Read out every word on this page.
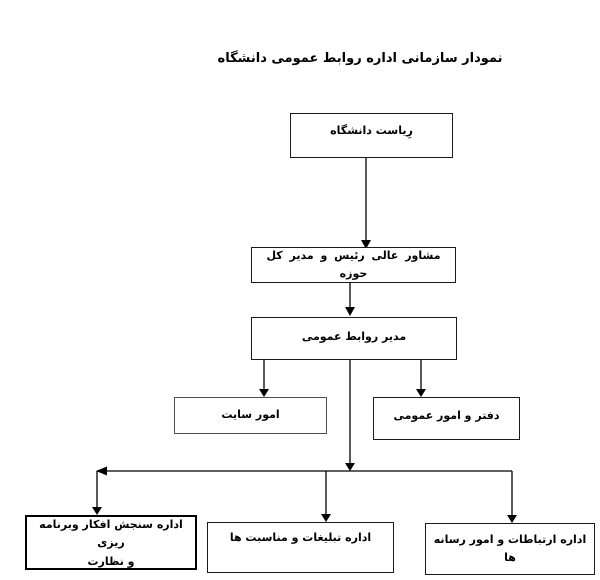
نمودار سازمانی اداره روابط عمومی دانشگاه
رِیاست دانشگاه
مشاور عالی رئیس و مدیر کل حوزه
مدیر روابط عمومی
امور سایت	دفتر و امور عمومی
اداره سنجش افکار وبرنامه ریزی
و نظارت
اداره تبلیغات و مناسبت ها	اداره ارتباطات و امور رسانه ها
